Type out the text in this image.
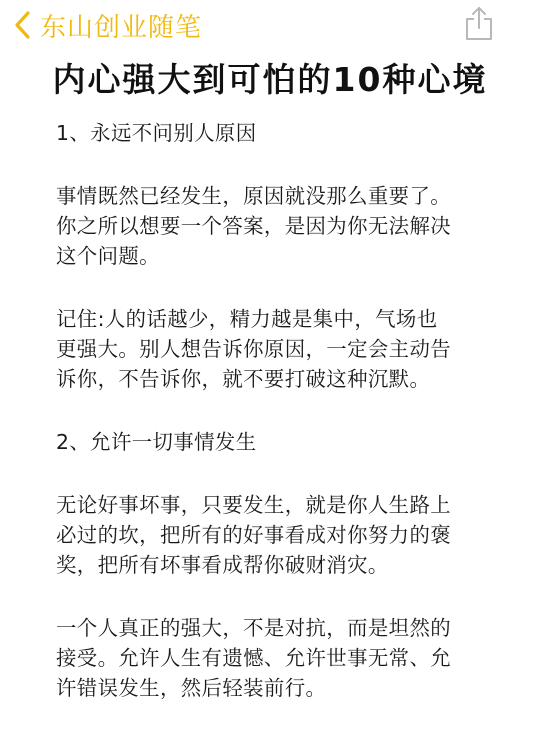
东山创业随笔
内心强大到可怕的10种心境

1、永远不问别人原因

事情既然已经发生，原因就没那么重要了。
你之所以想要一个答案，是因为你无法解决
这个问题。

记住:人的话越少，精力越是集中，气场也
更强大。别人想告诉你原因，一定会主动告
诉你，不告诉你，就不要打破这种沉默。

2、允许一切事情发生

无论好事坏事，只要发生，就是你人生路上
必过的坎，把所有的好事看成对你努力的褒
奖，把所有坏事看成帮你破财消灾。

一个人真正的强大，不是对抗，而是坦然的
接受。允许人生有遗憾、允许世事无常、允
许错误发生，然后轻装前行。
